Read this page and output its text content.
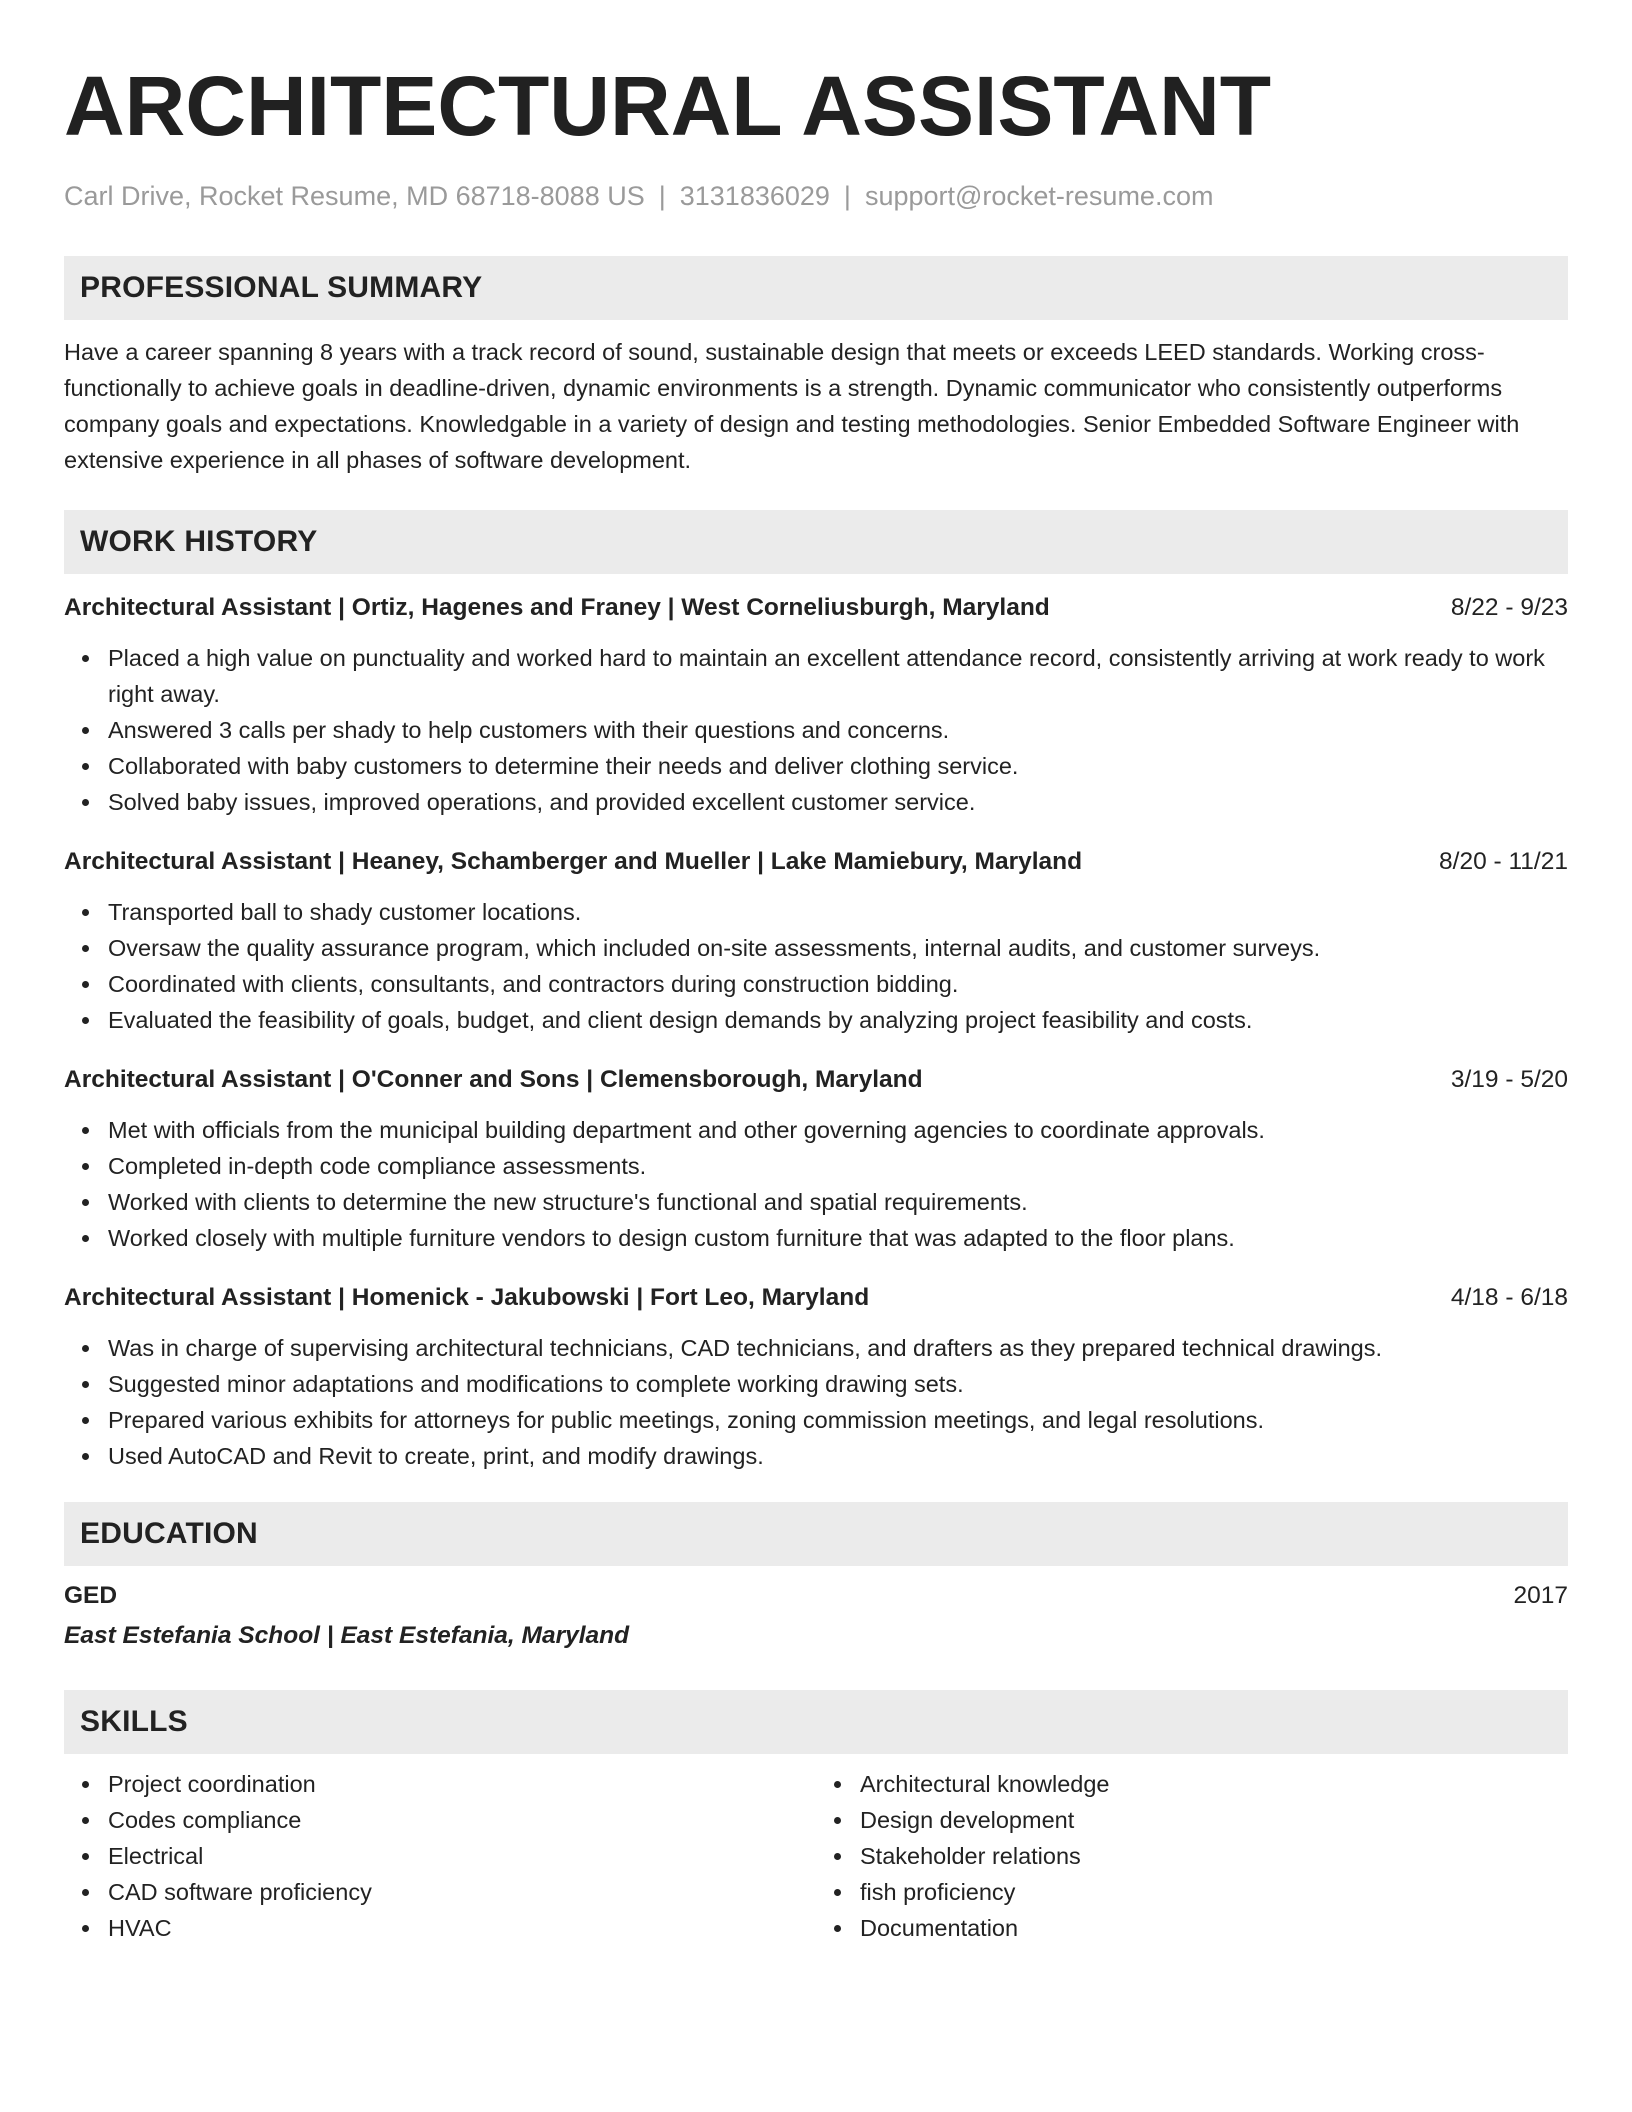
ARCHITECTURAL ASSISTANT
Carl Drive, Rocket Resume, MD 68718-8088 US | 3131836029 | support@rocket-resume.com
PROFESSIONAL SUMMARY
Have a career spanning 8 years with a track record of sound, sustainable design that meets or exceeds LEED standards. Working cross-functionally to achieve goals in deadline-driven, dynamic environments is a strength. Dynamic communicator who consistently outperforms company goals and expectations. Knowledgable in a variety of design and testing methodologies. Senior Embedded Software Engineer with extensive experience in all phases of software development.
WORK HISTORY
Architectural Assistant | Ortiz, Hagenes and Franey | West Corneliusburgh, Maryland	8/22 - 9/23
Placed a high value on punctuality and worked hard to maintain an excellent attendance record, consistently arriving at work ready to work right away.
Answered 3 calls per shady to help customers with their questions and concerns.
Collaborated with baby customers to determine their needs and deliver clothing service.
Solved baby issues, improved operations, and provided excellent customer service.
Architectural Assistant | Heaney, Schamberger and Mueller | Lake Mamiebury, Maryland	8/20 - 11/21
Transported ball to shady customer locations.
Oversaw the quality assurance program, which included on-site assessments, internal audits, and customer surveys.
Coordinated with clients, consultants, and contractors during construction bidding.
Evaluated the feasibility of goals, budget, and client design demands by analyzing project feasibility and costs.
Architectural Assistant | O'Conner and Sons | Clemensborough, Maryland	3/19 - 5/20
Met with officials from the municipal building department and other governing agencies to coordinate approvals.
Completed in-depth code compliance assessments.
Worked with clients to determine the new structure's functional and spatial requirements.
Worked closely with multiple furniture vendors to design custom furniture that was adapted to the floor plans.
Architectural Assistant | Homenick - Jakubowski | Fort Leo, Maryland	4/18 - 6/18
Was in charge of supervising architectural technicians, CAD technicians, and drafters as they prepared technical drawings.
Suggested minor adaptations and modifications to complete working drawing sets.
Prepared various exhibits for attorneys for public meetings, zoning commission meetings, and legal resolutions.
Used AutoCAD and Revit to create, print, and modify drawings.
EDUCATION
GED	2017
East Estefania School | East Estefania, Maryland
SKILLS
Project coordination
Codes compliance
Electrical
CAD software proficiency
HVAC
Architectural knowledge
Design development
Stakeholder relations
fish proficiency
Documentation
